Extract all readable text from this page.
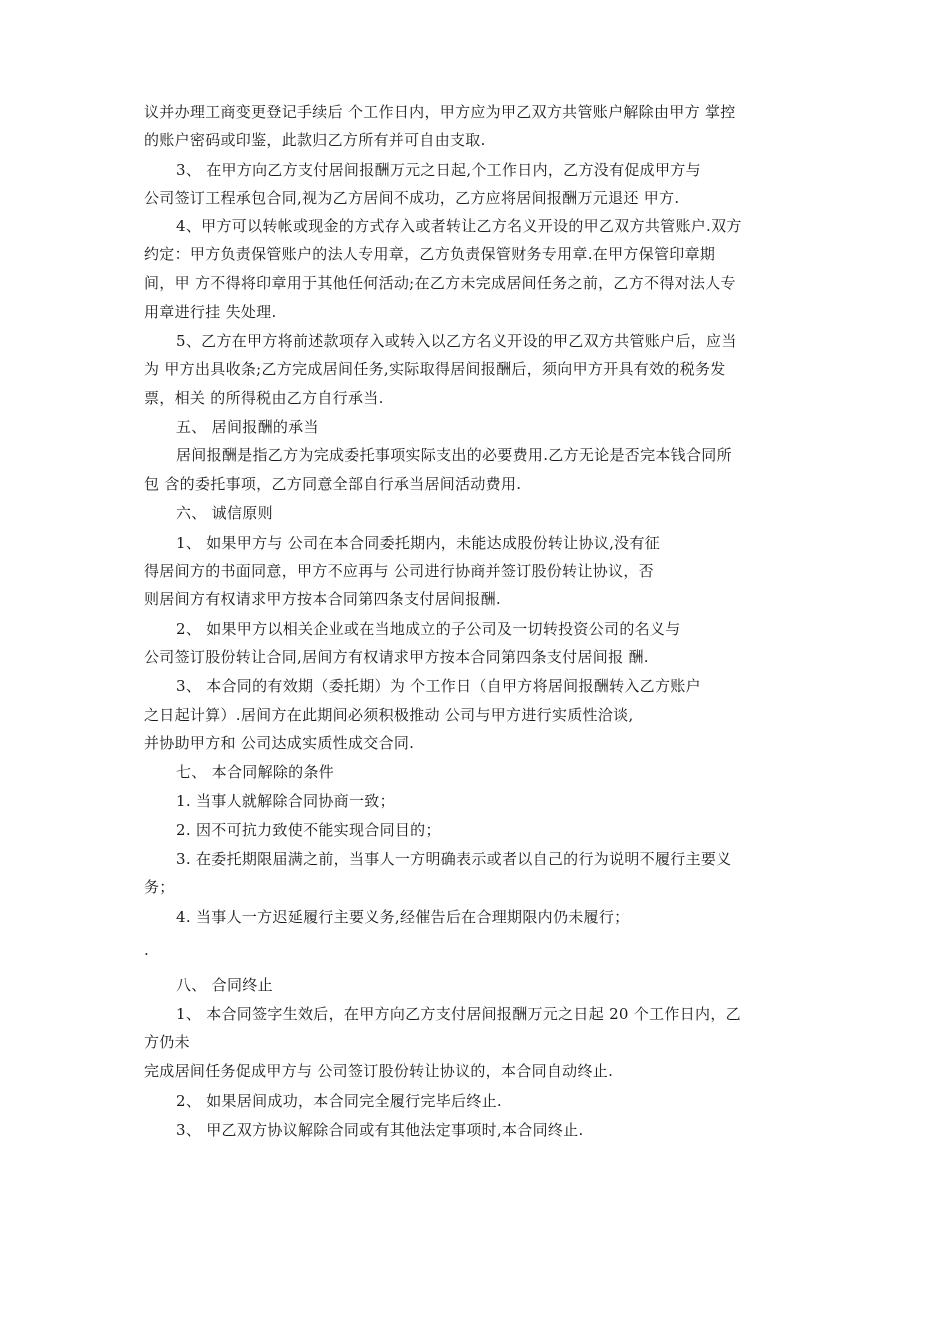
议并办理工商变更登记手续后 个工作日内，甲方应为甲乙双方共管账户解除由甲方 掌控
的账户密码或印鉴，此款归乙方所有并可自由支取.
3、 在甲方向乙方支付居间报酬万元之日起,个工作日内，乙方没有促成甲方与
公司签订工程承包合同,视为乙方居间不成功，乙方应将居间报酬万元退还 甲方.
4、甲方可以转帐或现金的方式存入或者转让乙方名义开设的甲乙双方共管账户.双方
约定：甲方负责保管账户的法人专用章，乙方负责保管财务专用章.在甲方保管印章期
间，甲 方不得将印章用于其他任何活动;在乙方未完成居间任务之前，乙方不得对法人专
用章进行挂 失处理.
5、乙方在甲方将前述款项存入或转入以乙方名义开设的甲乙双方共管账户后，应当
为 甲方出具收条;乙方完成居间任务,实际取得居间报酬后，须向甲方开具有效的税务发
票，相关 的所得税由乙方自行承当.
五、 居间报酬的承当
居间报酬是指乙方为完成委托事项实际支出的必要费用.乙方无论是否完本钱合同所
包 含的委托事项，乙方同意全部自行承当居间活动费用.
六、 诚信原则
1、 如果甲方与 公司在本合同委托期内，未能达成股份转让协议,没有征
得居间方的书面同意，甲方不应再与 公司进行协商并签订股份转让协议，否
则居间方有权请求甲方按本合同第四条支付居间报酬.
2、 如果甲方以相关企业或在当地成立的子公司及一切转投资公司的名义与
公司签订股份转让合同,居间方有权请求甲方按本合同第四条支付居间报 酬.
3、 本合同的有效期（委托期）为 个工作日（自甲方将居间报酬转入乙方账户
之日起计算）.居间方在此期间必须积极推动 公司与甲方进行实质性洽谈,
并协助甲方和 公司达成实质性成交合同.
七、 本合同解除的条件
1. 当事人就解除合同协商一致；
2. 因不可抗力致使不能实现合同目的；
3. 在委托期限届满之前，当事人一方明确表示或者以自己的行为说明不履行主要义
务；
4. 当事人一方迟延履行主要义务,经催告后在合理期限内仍未履行；
.
八、 合同终止
1、 本合同签字生效后，在甲方向乙方支付居间报酬万元之日起 20 个工作日内，乙
方仍未
完成居间任务促成甲方与 公司签订股份转让协议的，本合同自动终止.
2、 如果居间成功，本合同完全履行完毕后终止.
3、 甲乙双方协议解除合同或有其他法定事项时,本合同终止.
